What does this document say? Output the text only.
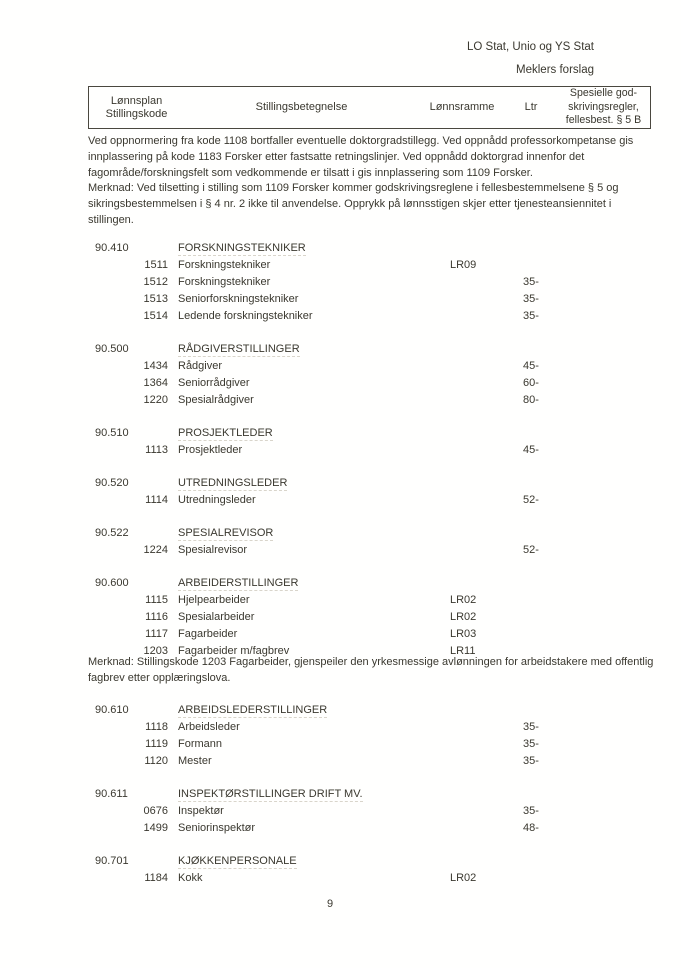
LO Stat, Unio og YS Stat
Meklers forslag
Lønnsplan
Stillingskode
Stillingsbetegnelse	Lønnsramme	Ltr
Spesielle god-
skrivingsregler,
fellesbest. § 5 B
Ved oppnormering fra kode 1108 bortfaller eventuelle doktorgradstillegg. Ved oppnådd professorkompetanse gis
innplassering på kode 1183 Forsker etter fastsatte retningslinjer. Ved oppnådd doktorgrad innenfor det
fagområde/forskningsfelt som vedkommende er tilsatt i gis innplassering som 1109 Forsker.
Merknad: Ved tilsetting i stilling som 1109 Forsker kommer godskrivingsreglene i fellesbestemmelsene § 5 og
sikringsbestemmelsen i § 4 nr. 2 ikke til anvendelse. Opprykk på lønnsstigen skjer etter tjenesteansiennitet i
stillingen.
90.410	FORSKNINGSTEKNIKER
1511 Forskningstekniker	LR09
1512 Forskningstekniker	35-
1513 Seniorforskningstekniker	35-
1514 Ledende forskningstekniker	35-
90.500	RÅDGIVERSTILLINGER
1434 Rådgiver	45-
1364 Seniorrådgiver	60-
1220 Spesialrådgiver	80-
90.510	PROSJEKTLEDER
1113 Prosjektleder	45-
90.520	UTREDNINGSLEDER
1114 Utredningsleder	52-
90.522	SPESIALREVISOR
1224 Spesialrevisor	52-
90.600	ARBEIDERSTILLINGER
1115 Hjelpearbeider	LR02
1116 Spesialarbeider	LR02
1117 Fagarbeider	LR03
1203 Fagarbeider m/fagbrev	LR11
Merknad: Stillingskode 1203 Fagarbeider, gjenspeiler den yrkesmessige avlønningen for arbeidstakere med offentlig
fagbrev etter opplæringslova.
90.610	ARBEIDSLEDERSTILLINGER
1118 Arbeidsleder	35-
1119 Formann	35-
1120 Mester	35-
90.611	INSPEKTØRSTILLINGER DRIFT MV.
0676 Inspektør	35-
1499 Seniorinspektør	48-
90.701	KJØKKENPERSONALE
1184 Kokk	LR02
9
